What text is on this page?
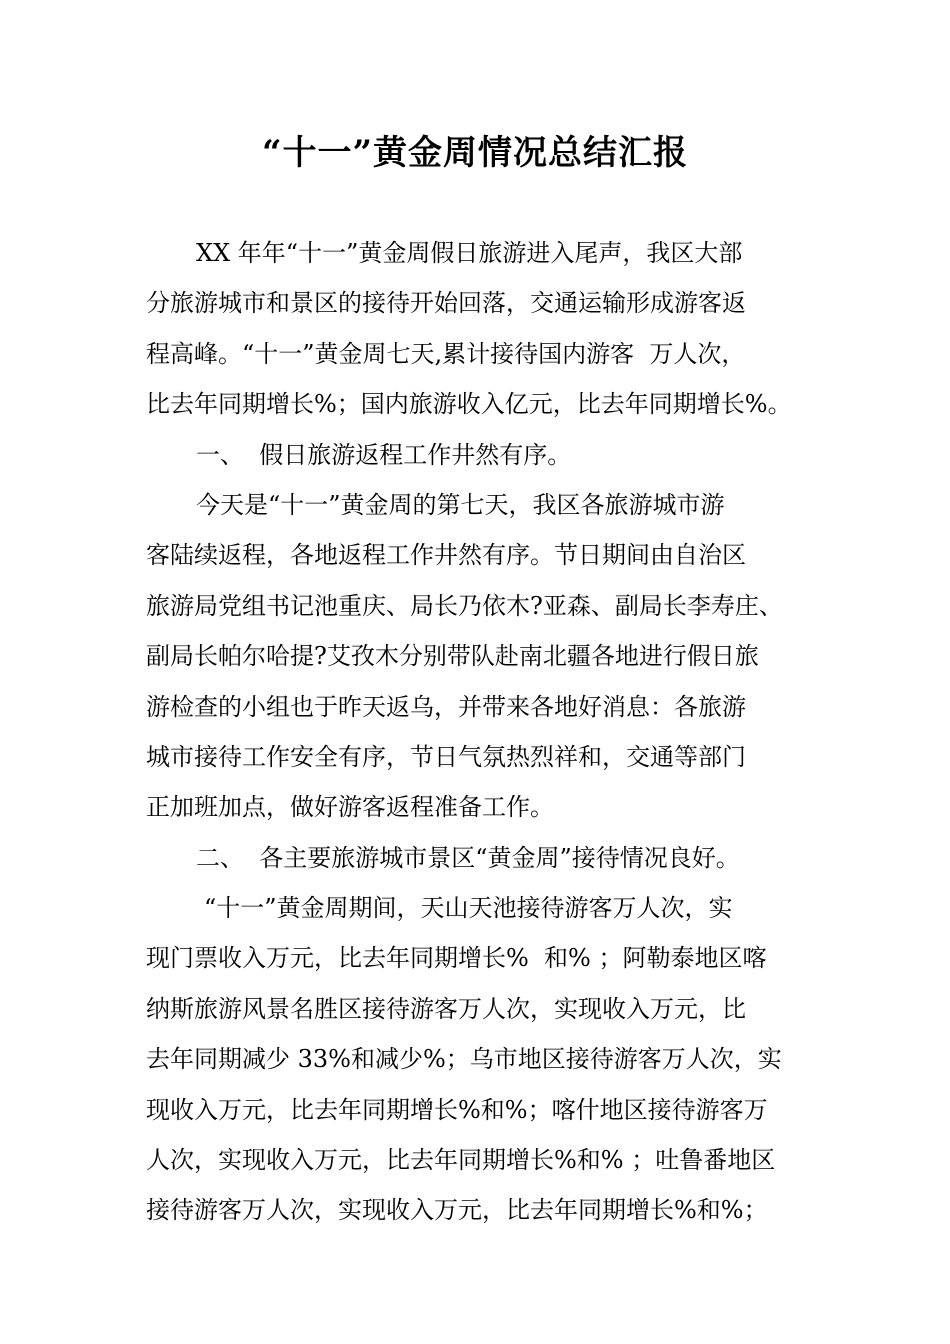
“十一”黄金周情况总结汇报
XX 年年“十一”黄金周假日旅游进入尾声，我区大部
分旅游城市和景区的接待开始回落，交通运输形成游客返
程高峰。“十一”黄金周七天,累计接待国内游客  万人次，
比去年同期增长%；国内旅游收入亿元，比去年同期增长%。
一、  假日旅游返程工作井然有序。
今天是“十一”黄金周的第七天，我区各旅游城市游
客陆续返程，各地返程工作井然有序。节日期间由自治区
旅游局党组书记池重庆、局长乃依木?亚森、副局长李寿庄、
副局长帕尔哈提?艾孜木分别带队赴南北疆各地进行假日旅
游检查的小组也于昨天返乌，并带来各地好消息：各旅游
城市接待工作安全有序，节日气氛热烈祥和，交通等部门
正加班加点，做好游客返程准备工作。
二、  各主要旅游城市景区“黄金周”接待情况良好。
“十一”黄金周期间，天山天池接待游客万人次，实
现门票收入万元，比去年同期增长%  和% ；阿勒泰地区喀
纳斯旅游风景名胜区接待游客万人次，实现收入万元，比
去年同期减少 33%和减少%；乌市地区接待游客万人次，实
现收入万元，比去年同期增长%和%；喀什地区接待游客万
人次，实现收入万元，比去年同期增长%和% ；吐鲁番地区
接待游客万人次，实现收入万元，比去年同期增长%和%；
